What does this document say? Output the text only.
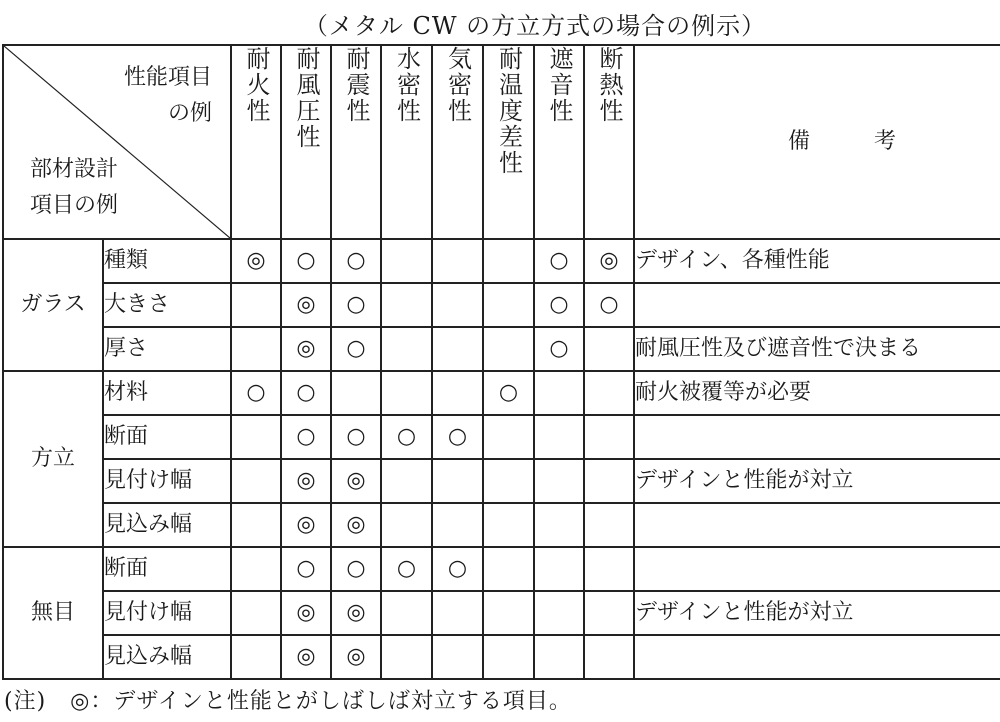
（メタル CW の方立方式の場合の例示）
性能項目
の例
部材設計
項目の例		耐火性	耐風圧性	耐震性	水密性	気密性	耐温度差性	遮音性	断熱性	備 考
ガラス	種類	◎	○	○				○	◎	デザイン、各種性能
	大きさ		◎	○				○	○	
	厚さ		◎	○				○		耐風圧性及び遮音性で決まる
方立	材料	○	○				○			耐火被覆等が必要
	断面		○	○	○	○				
	見付け幅		◎	◎						デザインと性能が対立
	見込み幅		◎	◎						
無目	断面		○	○	○	○				
	見付け幅		◎	◎						デザインと性能が対立
	見込み幅		◎	◎						
(注) ◎：デザインと性能とがしばしば対立する項目。
